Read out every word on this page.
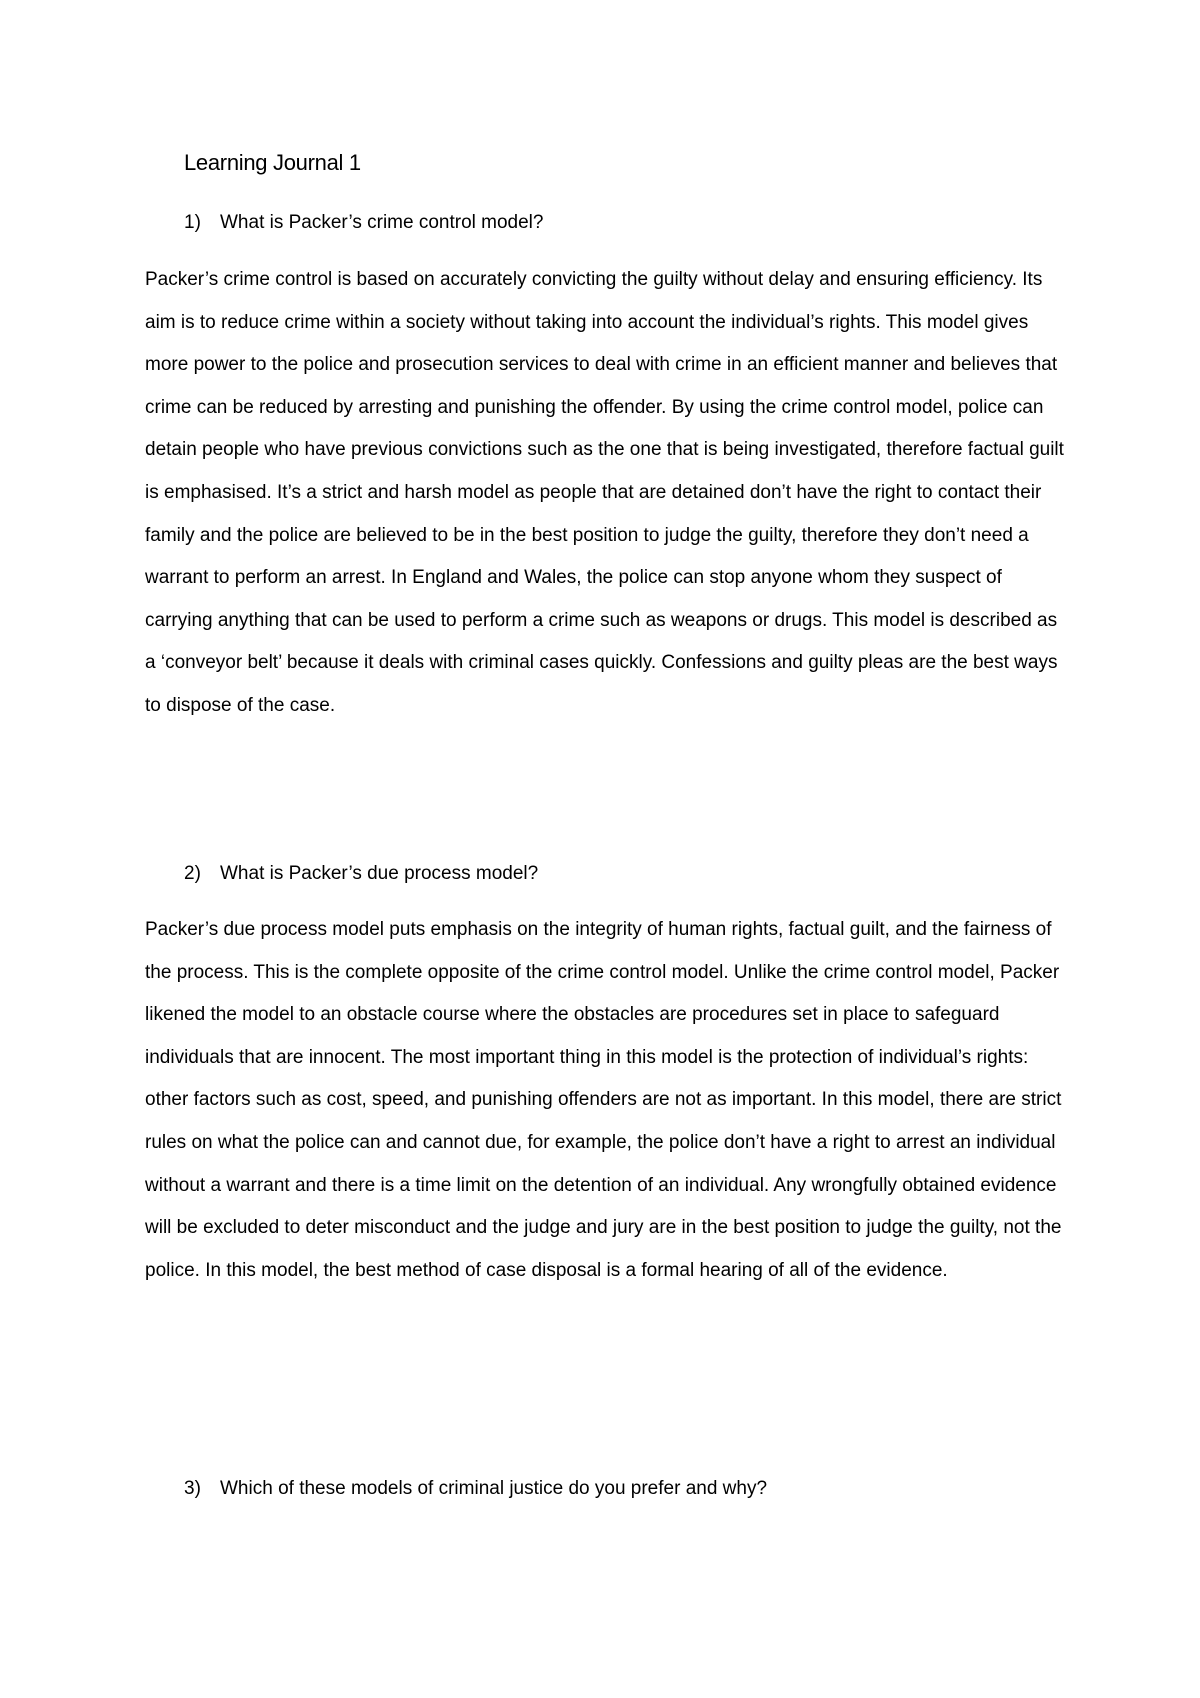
Learning Journal 1

1) What is Packer’s crime control model?

Packer’s crime control is based on accurately convicting the guilty without delay and ensuring efficiency. Its aim is to reduce crime within a society without taking into account the individual’s rights. This model gives more power to the police and prosecution services to deal with crime in an efficient manner and believes that crime can be reduced by arresting and punishing the offender. By using the crime control model, police can detain people who have previous convictions such as the one that is being investigated, therefore factual guilt is emphasised. It’s a strict and harsh model as people that are detained don’t have the right to contact their family and the police are believed to be in the best position to judge the guilty, therefore they don’t need a warrant to perform an arrest. In England and Wales, the police can stop anyone whom they suspect of carrying anything that can be used to perform a crime such as weapons or drugs. This model is described as a ‘conveyor belt’ because it deals with criminal cases quickly. Confessions and guilty pleas are the best ways to dispose of the case.

2) What is Packer’s due process model?

Packer’s due process model puts emphasis on the integrity of human rights, factual guilt, and the fairness of the process. This is the complete opposite of the crime control model. Unlike the crime control model, Packer likened the model to an obstacle course where the obstacles are procedures set in place to safeguard individuals that are innocent. The most important thing in this model is the protection of individual’s rights: other factors such as cost, speed, and punishing offenders are not as important. In this model, there are strict rules on what the police can and cannot due, for example, the police don’t have a right to arrest an individual without a warrant and there is a time limit on the detention of an individual. Any wrongfully obtained evidence will be excluded to deter misconduct and the judge and jury are in the best position to judge the guilty, not the police. In this model, the best method of case disposal is a formal hearing of all of the evidence.

3) Which of these models of criminal justice do you prefer and why?
